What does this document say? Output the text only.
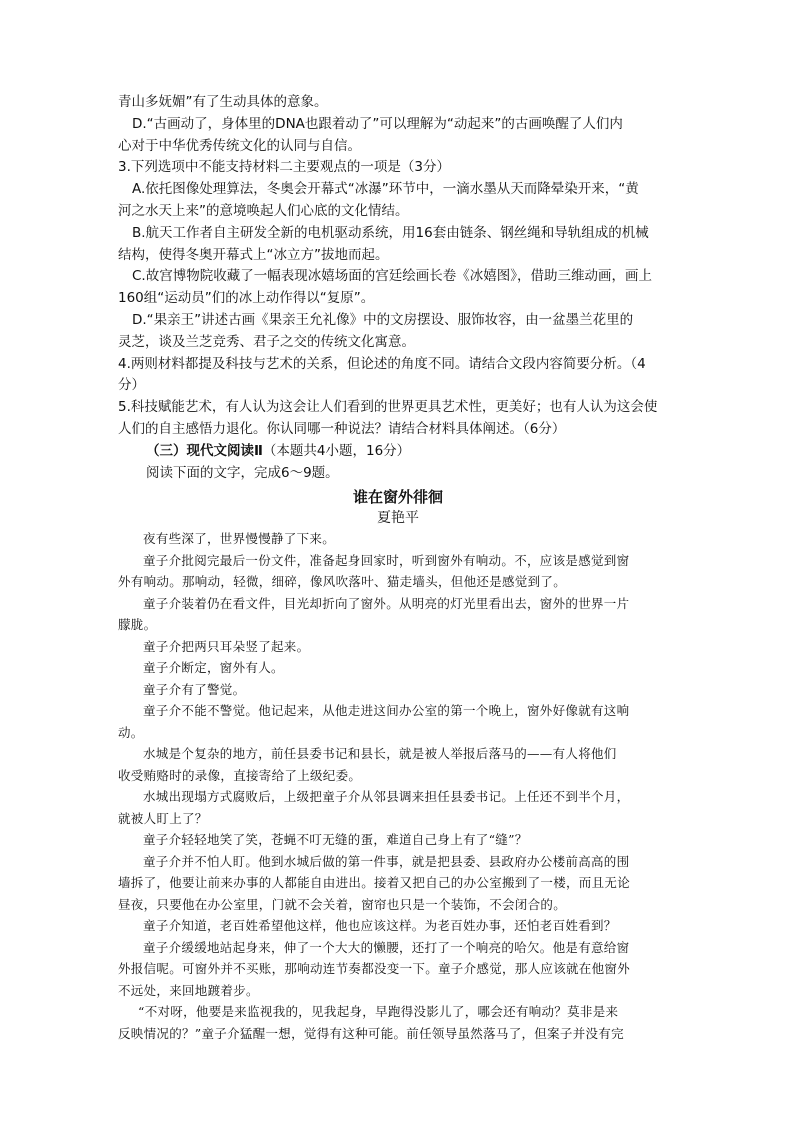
青山多妩媚”有了生动具体的意象。
D.“古画动了，身体里的DNA也跟着动了”可以理解为“动起来”的古画唤醒了人们内
心对于中华优秀传统文化的认同与自信。
3.下列选项中不能支持材料二主要观点的一项是（3分）
A.依托图像处理算法，冬奥会开幕式“冰瀑”环节中，一滴水墨从天而降晕染开来，“黄
河之水天上来”的意境唤起人们心底的文化情结。
B.航天工作者自主研发全新的电机驱动系统，用16套由链条、钢丝绳和导轨组成的机械
结构，使得冬奥开幕式上“冰立方”拔地而起。
C.故宫博物院收藏了一幅表现冰嬉场面的宫廷绘画长卷《冰嬉图》，借助三维动画，画上
160组“运动员”们的冰上动作得以“复原”。
D.“果亲王”讲述古画《果亲王允礼像》中的文房摆设、服饰妆容，由一盆墨兰花里的
灵芝，谈及兰芝竞秀、君子之交的传统文化寓意。
4.两则材料都提及科技与艺术的关系，但论述的角度不同。请结合文段内容简要分析。（4
分）
5.科技赋能艺术，有人认为这会让人们看到的世界更具艺术性，更美好；也有人认为这会使
人们的自主感悟力退化。你认同哪一种说法？请结合材料具体阐述。（6分）
（三）现代文阅读Ⅱ（本题共4小题，16分）
阅读下面的文字，完成6～9题。
谁在窗外徘徊
夏艳平
夜有些深了，世界慢慢静了下来。
童子介批阅完最后一份文件，准备起身回家时，听到窗外有响动。不，应该是感觉到窗
外有响动。那响动，轻微，细碎，像风吹落叶、猫走墙头，但他还是感觉到了。
童子介装着仍在看文件，目光却折向了窗外。从明亮的灯光里看出去，窗外的世界一片
朦胧。
童子介把两只耳朵竖了起来。
童子介断定，窗外有人。
童子介有了警觉。
童子介不能不警觉。他记起来，从他走进这间办公室的第一个晚上，窗外好像就有这响
动。
水城是个复杂的地方，前任县委书记和县长，就是被人举报后落马的——有人将他们
收受贿赂时的录像，直接寄给了上级纪委。
水城出现塌方式腐败后，上级把童子介从邻县调来担任县委书记。上任还不到半个月，
就被人盯上了？
童子介轻轻地笑了笑，苍蝇不叮无缝的蛋，难道自己身上有了“缝”？
童子介并不怕人盯。他到水城后做的第一件事，就是把县委、县政府办公楼前高高的围
墙拆了，他要让前来办事的人都能自由进出。接着又把自己的办公室搬到了一楼，而且无论
昼夜，只要他在办公室里，门就不会关着，窗帘也只是一个装饰，不会闭合的。
童子介知道，老百姓希望他这样，他也应该这样。为老百姓办事，还怕老百姓看到？
童子介缓缓地站起身来，伸了一个大大的懒腰，还打了一个响亮的哈欠。他是有意给窗
外报信呢。可窗外并不买账，那响动连节奏都没变一下。童子介感觉，那人应该就在他窗外
不远处，来回地踱着步。
“不对呀，他要是来监视我的，见我起身，早跑得没影儿了，哪会还有响动？莫非是来
反映情况的？”童子介猛醒一想，觉得有这种可能。前任领导虽然落马了，但案子并没有完
